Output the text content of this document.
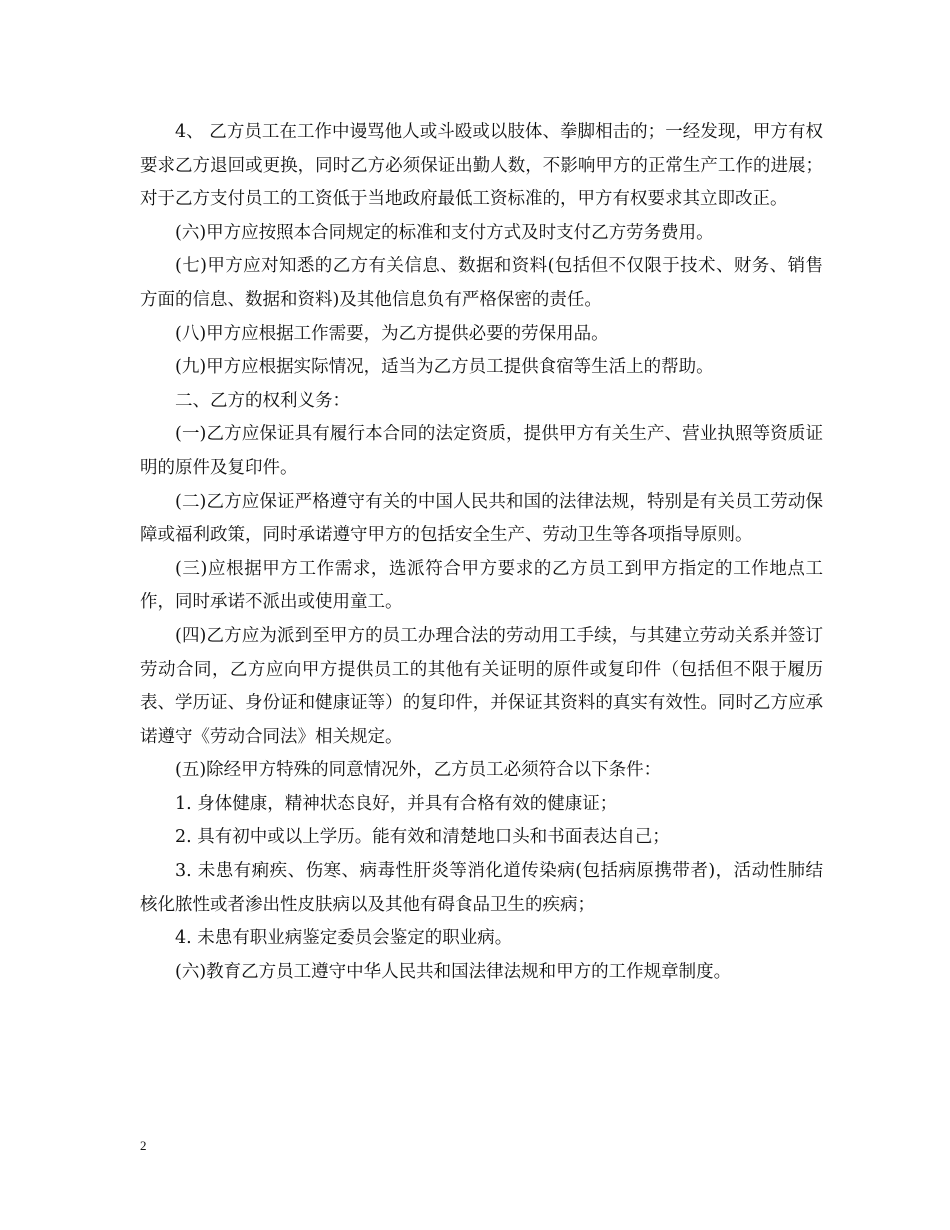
4、 乙方员工在工作中谩骂他人或斗殴或以肢体、拳脚相击的；一经发现，甲方有权要求乙方退回或更换，同时乙方必须保证出勤人数，不影响甲方的正常生产工作的进展；对于乙方支付员工的工资低于当地政府最低工资标准的，甲方有权要求其立即改正。

(六)甲方应按照本合同规定的标准和支付方式及时支付乙方劳务费用。

(七)甲方应对知悉的乙方有关信息、数据和资料(包括但不仅限于技术、财务、销售方面的信息、数据和资料)及其他信息负有严格保密的责任。

(八)甲方应根据工作需要，为乙方提供必要的劳保用品。

(九)甲方应根据实际情况，适当为乙方员工提供食宿等生活上的帮助。

二、乙方的权利义务：

(一)乙方应保证具有履行本合同的法定资质，提供甲方有关生产、营业执照等资质证明的原件及复印件。

(二)乙方应保证严格遵守有关的中国人民共和国的法律法规，特别是有关员工劳动保障或福利政策，同时承诺遵守甲方的包括安全生产、劳动卫生等各项指导原则。

(三)应根据甲方工作需求，选派符合甲方要求的乙方员工到甲方指定的工作地点工作，同时承诺不派出或使用童工。

(四)乙方应为派到至甲方的员工办理合法的劳动用工手续，与其建立劳动关系并签订劳动合同，乙方应向甲方提供员工的其他有关证明的原件或复印件（包括但不限于履历表、学历证、身份证和健康证等）的复印件，并保证其资料的真实有效性。同时乙方应承诺遵守《劳动合同法》相关规定。

(五)除经甲方特殊的同意情况外，乙方员工必须符合以下条件：

1. 身体健康，精神状态良好，并具有合格有效的健康证；

2. 具有初中或以上学历。能有效和清楚地口头和书面表达自己；

3. 未患有痢疾、伤寒、病毒性肝炎等消化道传染病(包括病原携带者)，活动性肺结核化脓性或者渗出性皮肤病以及其他有碍食品卫生的疾病；

4. 未患有职业病鉴定委员会鉴定的职业病。

(六)教育乙方员工遵守中华人民共和国法律法规和甲方的工作规章制度。

2
